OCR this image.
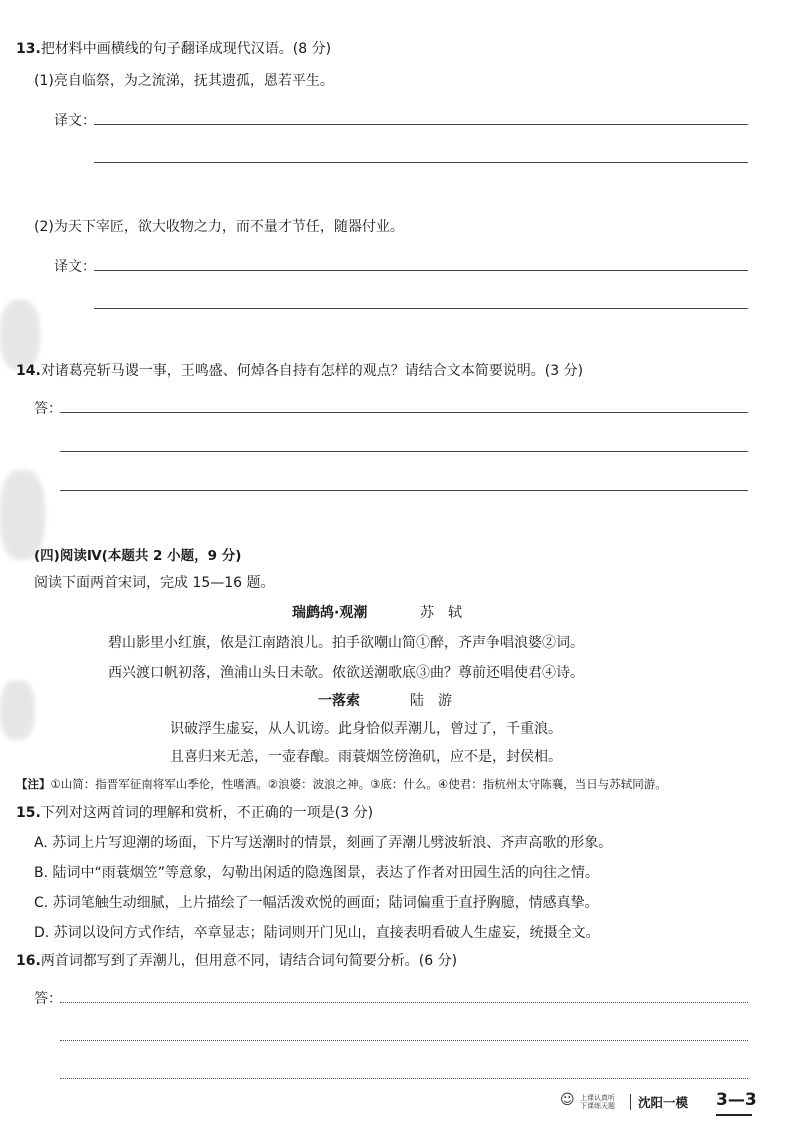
13.把材料中画横线的句子翻译成现代汉语。(8 分)
(1)亮自临祭，为之流涕，抚其遗孤，恩若平生。
译文：
(2)为天下宰匠，欲大收物之力，而不量才节任，随器付业。
译文：
14.对诸葛亮斩马谡一事，王鸣盛、何焯各自持有怎样的观点？请结合文本简要说明。(3 分)
答：
(四)阅读Ⅳ(本题共 2 小题，9 分)
阅读下面两首宋词，完成 15—16 题。
瑞鹧鸪·观潮	苏　轼
碧山影里小红旗，侬是江南踏浪儿。拍手欲嘲山简①醉，齐声争唱浪婆②词。
西兴渡口帆初落，渔浦山头日未欹。侬欲送潮歌底③曲？尊前还唱使君④诗。
一落索	陆　游
识破浮生虚妄，从人讥谤。此身恰似弄潮儿，曾过了，千重浪。
且喜归来无恙，一壶春酿。雨蓑烟笠傍渔矶，应不是，封侯相。
【注】①山简：指晋军征南将军山季伦，性嗜酒。②浪婆：波浪之神。③底：什么。④使君：指杭州太守陈襄，当日与苏轼同游。
15.下列对这两首词的理解和赏析，不正确的一项是(3 分)
A. 苏词上片写迎潮的场面，下片写送潮时的情景，刻画了弄潮儿劈波斩浪、齐声高歌的形象。
B. 陆词中“雨蓑烟笠”等意象，勾勒出闲适的隐逸图景，表达了作者对田园生活的向往之情。
C. 苏词笔触生动细腻，上片描绘了一幅活泼欢悦的画面；陆词偏重于直抒胸臆，情感真挚。
D. 苏词以设问方式作结，卒章显志；陆词则开门见山，直接表明看破人生虚妄，统摄全文。
16.两首词都写到了弄潮儿，但用意不同，请结合词句简要分析。(6 分)
答：
☺ 上课认真听
下课练天题 沈阳一模 3—3
